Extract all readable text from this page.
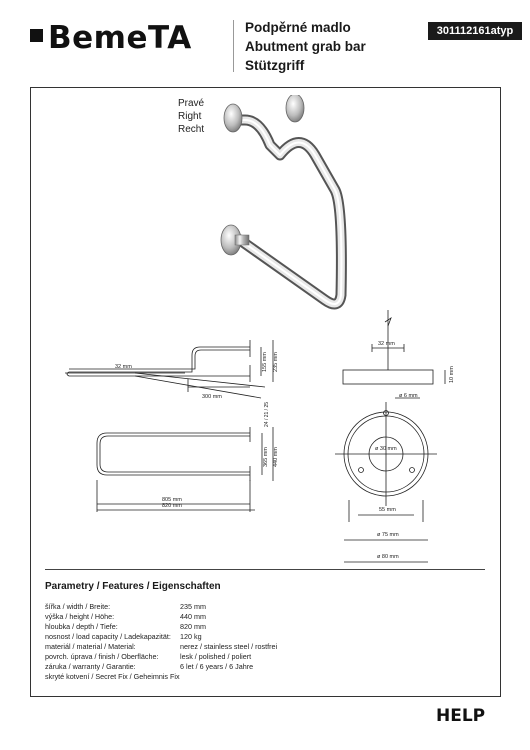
BemeTA	Podpěrné madlo
Abutment grab bar
Stützgriff
301112161atyp
Pravé
Right
Recht
32 mm
300 mm
155 mm 235 mm
24 / 21 / 25
805 mm
820 mm
365 mm 440 mm
32 mm
10 mm
ø 6 mm
ø 30 mm
55 mm
ø 75 mm
ø 80 mm
Parametry / Features / Eigenschaften
šířka / width / Breite:	235 mm
výška / height / Höhe:	440 mm
hloubka / depth / Tiefe:	820 mm
nosnost / load capacity / Ladekapazität: 120 kg
materiál / material / Material:	nerez / stainless steel / rostfrei
povrch. úprava / finish / Oberfläche:	lesk / polished / poliert
záruka / warranty / Garantie:	6 let / 6 years / 6 Jahre
skryté kotvení / Secret Fix / Geheimnis Fix
HELP
